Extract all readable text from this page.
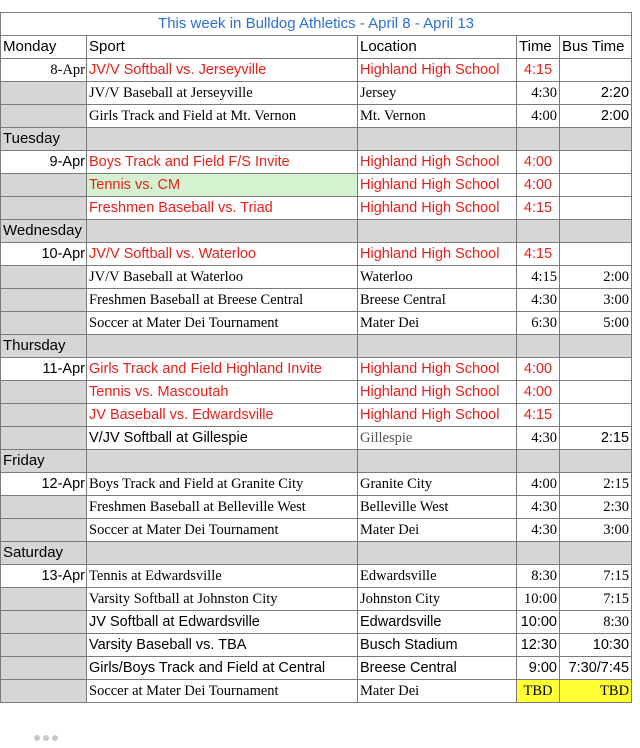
This week in Bulldog Athletics - April 8 - April 13				
Monday	Sport	Location	Time	Bus Time
8-Apr	JV/V Softball vs. Jerseyville	Highland High School	4:15	
	JV/V Baseball at Jerseyville	Jersey	4:30	2:20
	Girls Track and Field at Mt. Vernon	Mt. Vernon	4:00	2:00
Tuesday				
9-Apr	Boys Track and Field F/S Invite	Highland High School	4:00	
	Tennis vs. CM	Highland High School	4:00	
	Freshmen Baseball vs. Triad	Highland High School	4:15	
Wednesday				
10-Apr	JV/V Softball vs. Waterloo	Highland High School	4:15	
	JV/V Baseball at Waterloo	Waterloo	4:15	2:00
	Freshmen Baseball at Breese Central	Breese Central	4:30	3:00
	Soccer at Mater Dei Tournament	Mater Dei	6:30	5:00
Thursday				
11-Apr	Girls Track and Field Highland Invite	Highland High School	4:00	
	Tennis vs. Mascoutah	Highland High School	4:00	
	JV Baseball vs. Edwardsville	Highland High School	4:15	
	V/JV Softball at Gillespie	Gillespie	4:30	2:15
Friday				
12-Apr	Boys Track and Field at Granite City	Granite City	4:00	2:15
	Freshmen Baseball at Belleville West	Belleville West	4:30	2:30
	Soccer at Mater Dei Tournament	Mater Dei	4:30	3:00
Saturday				
13-Apr	Tennis at Edwardsville	Edwardsville	8:30	7:15
	Varsity Softball at Johnston City	Johnston City	10:00	7:15
	JV Softball at Edwardsville	Edwardsville	10:00	8:30
	Varsity Baseball vs. TBA	Busch Stadium	12:30	10:30
	Girls/Boys Track and Field at Central	Breese Central	9:00	7:30/7:45
	Soccer at Mater Dei Tournament	Mater Dei	TBD	TBD
